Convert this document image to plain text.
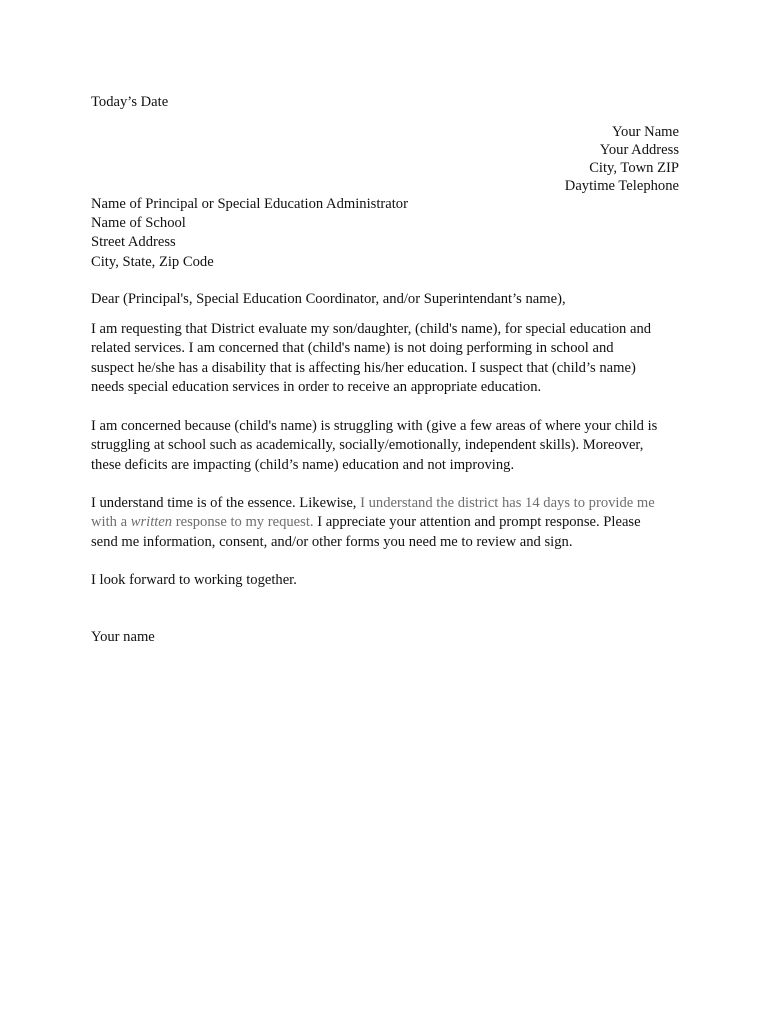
Today’s Date
Your Name
Your Address
City, Town ZIP
Daytime Telephone
Name of Principal or Special Education Administrator
Name of School
Street Address
City, State, Zip Code
Dear (Principal's, Special Education Coordinator, and/or Superintendant’s name),

I am requesting that District evaluate my son/daughter, (child's name), for special education and
related services. I am concerned that (child's name) is not doing performing in school and
suspect he/she has a disability that is affecting his/her education. I suspect that (child’s name)
needs special education services in order to receive an appropriate education.

I am concerned because (child's name) is struggling with (give a few areas of where your child is
struggling at school such as academically, socially/emotionally, independent skills). Moreover,
these deficits are impacting (child’s name) education and not improving.

I understand time is of the essence. Likewise, I understand the district has 14 days to provide me
with a written response to my request. I appreciate your attention and prompt response. Please
send me information, consent, and/or other forms you need me to review and sign.

I look forward to working together.
Your name
